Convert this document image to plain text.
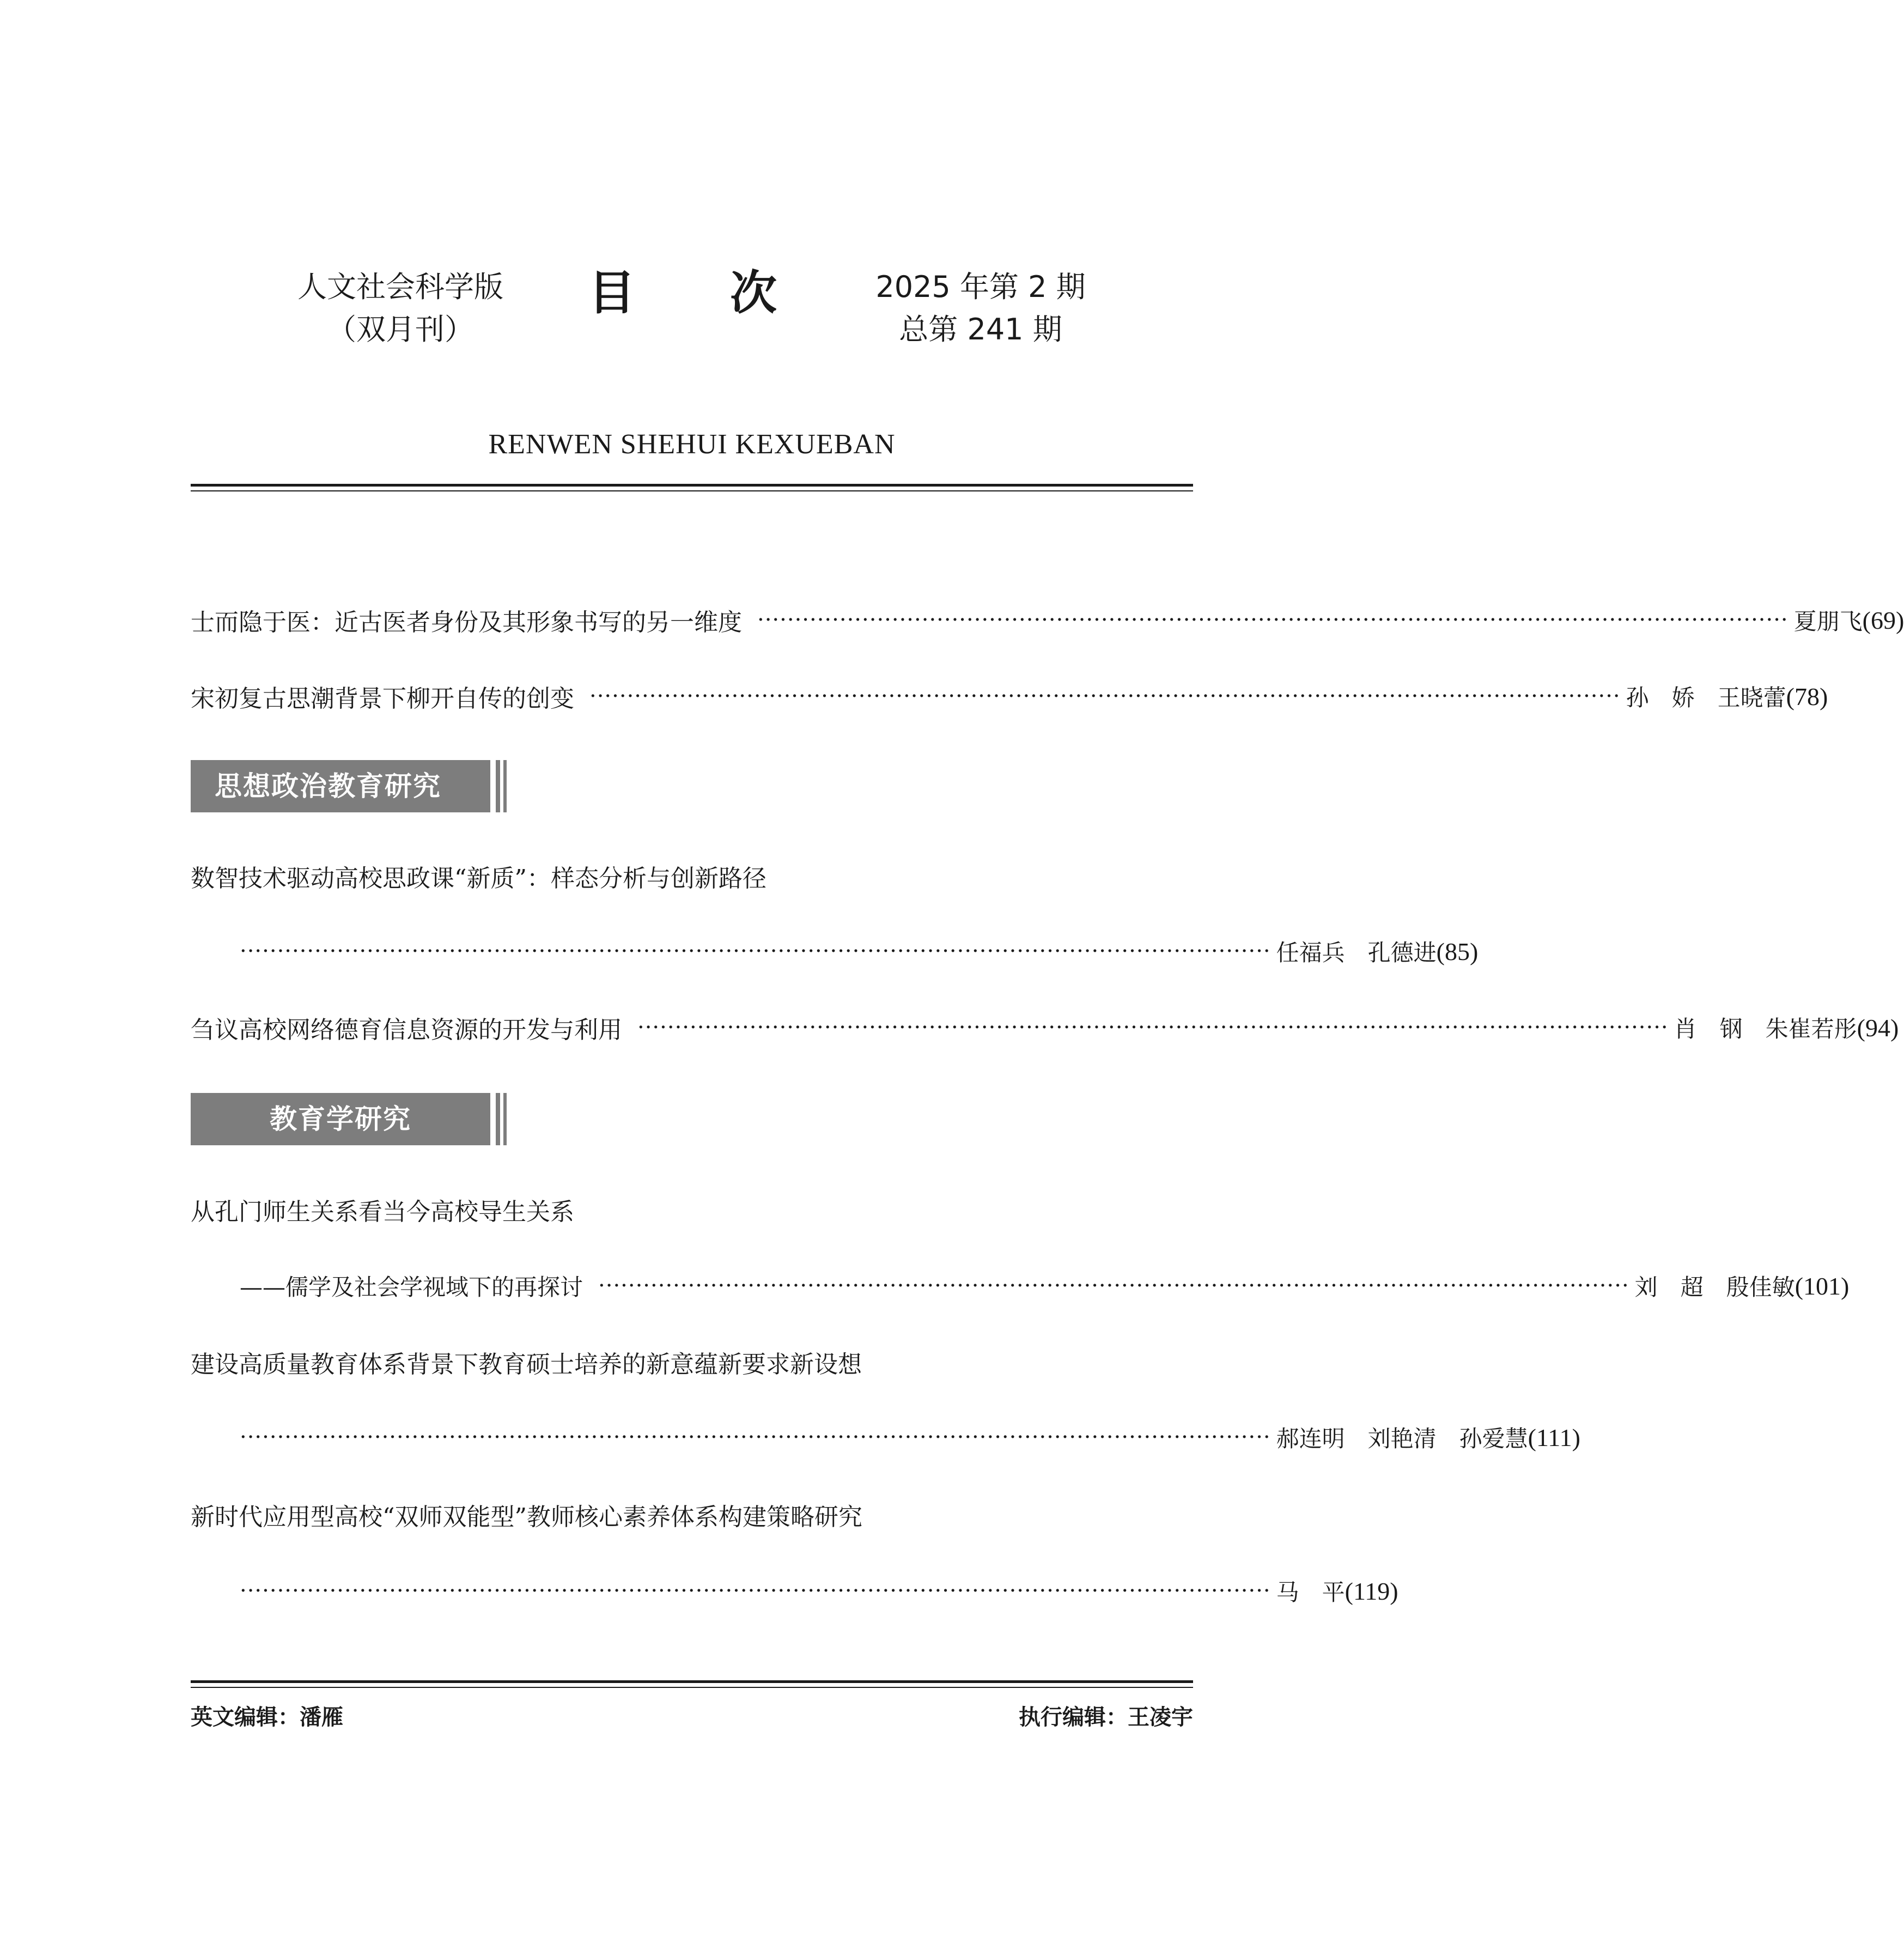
人文社会科学版
（双月刊）
目 次	2025 年第 2 期
总第 241 期
RENWEN SHEHUI KEXUEBAN
士而隐于医：近古医者身份及其形象书写的另一维度 ·········································································································································· 夏朋飞 (69)
宋初复古思潮背景下柳开自传的创变 ·········································································································································· 孙　娇　王晓蕾 (78)
思想政治教育研究
数智技术驱动高校思政课“新质”：样态分析与创新路径
·········································································································································· 任福兵　孔德进 (85)
刍议高校网络德育信息资源的开发与利用 ·········································································································································· 肖　钢　朱崔若彤 (94)
教育学研究
从孔门师生关系看当今高校导生关系
——儒学及社会学视域下的再探讨 ·········································································································································· 刘　超　殷佳敏 (101)
建设高质量教育体系背景下教育硕士培养的新意蕴新要求新设想
·········································································································································· 郝连明　刘艳清　孙爱慧 (111)
新时代应用型高校“双师双能型”教师核心素养体系构建策略研究
·········································································································································· 马　平 (119)
英文编辑：潘雁	执行编辑：王凌宇
